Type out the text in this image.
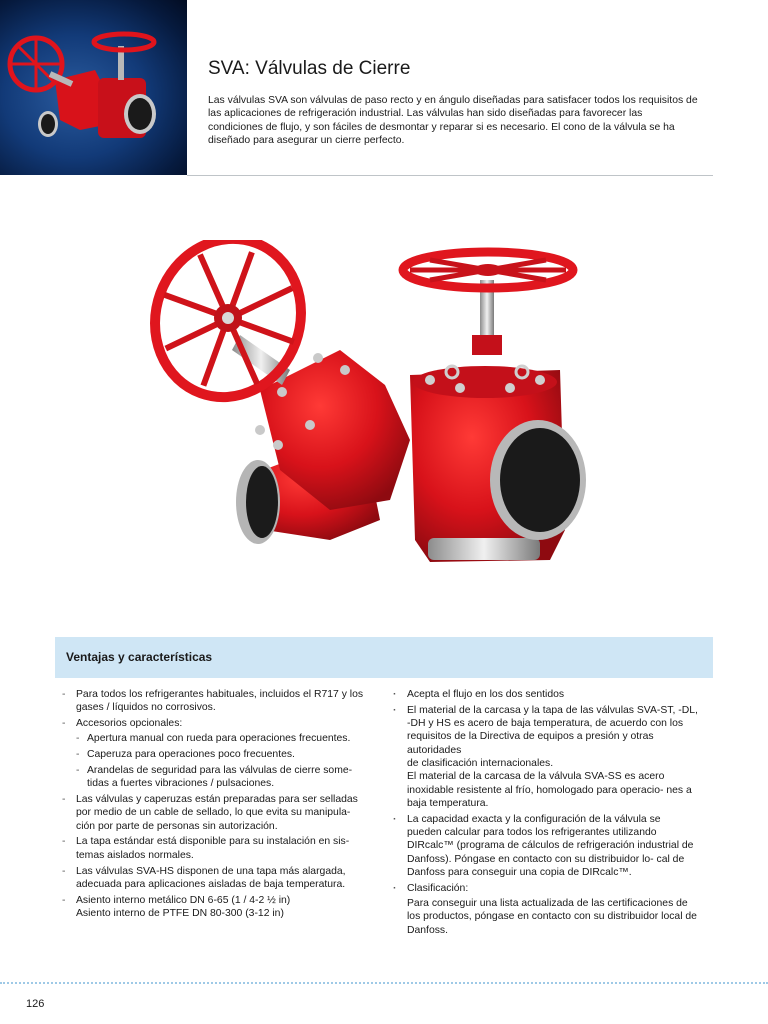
SVA: Válvulas de Cierre
Las válvulas SVA son válvulas de paso recto y en ángulo diseñadas para satisfacer todos los requisitos de las aplicaciones de refrigeración industrial. Las válvulas han sido diseñadas para favorecer las condiciones de flujo, y son fáciles de desmontar y reparar si es necesario. El cono de la válvula se ha diseñado para asegurar un cierre perfecto.
Ventajas y características
- Para todos los refrigerantes habituales, incluidos el R717 y los gases / líquidos no corrosivos.
- Accesorios opcionales:
- Apertura manual con rueda para operaciones frecuentes.
- Caperuza para operaciones poco frecuentes.
- Arandelas de seguridad para las válvulas de cierre some- tidas a fuertes vibraciones / pulsaciones.
- Las válvulas y caperuzas están preparadas para ser selladas por medio de un cable de sellado, lo que evita su manipula- ción por parte de personas sin autorización.
- La tapa estándar está disponible para su instalación en sis- temas aislados normales.
- Las válvulas SVA-HS disponen de una tapa más alargada, adecuada para aplicaciones aisladas de baja temperatura.
- Asiento interno metálico DN 6-65 (1 / 4-2 ½ in)
Asiento interno de PTFE DN 80-300 (3-12 in)
· Acepta el flujo en los dos sentidos
· El material de la carcasa y la tapa de las válvulas SVA-ST, -DL, -DH y HS es acero de baja temperatura, de acuerdo con los requisitos de la Directiva de equipos a presión y otras autoridades
de clasificación internacionales.
El material de la carcasa de la válvula SVA-SS es acero inoxidable resistente al frío, homologado para operacio- nes a baja temperatura.
· La capacidad exacta y la configuración de la válvula se pueden calcular para todos los refrigerantes utilizando DIRcalc™ (programa de cálculos de refrigeración industrial de Danfoss). Póngase en contacto con su distribuidor lo- cal de Danfoss para conseguir una copia de DIRcalc™.
· Clasificación:
Para conseguir una lista actualizada de las certificaciones de los productos, póngase en contacto con su distribuidor local de Danfoss.
126
